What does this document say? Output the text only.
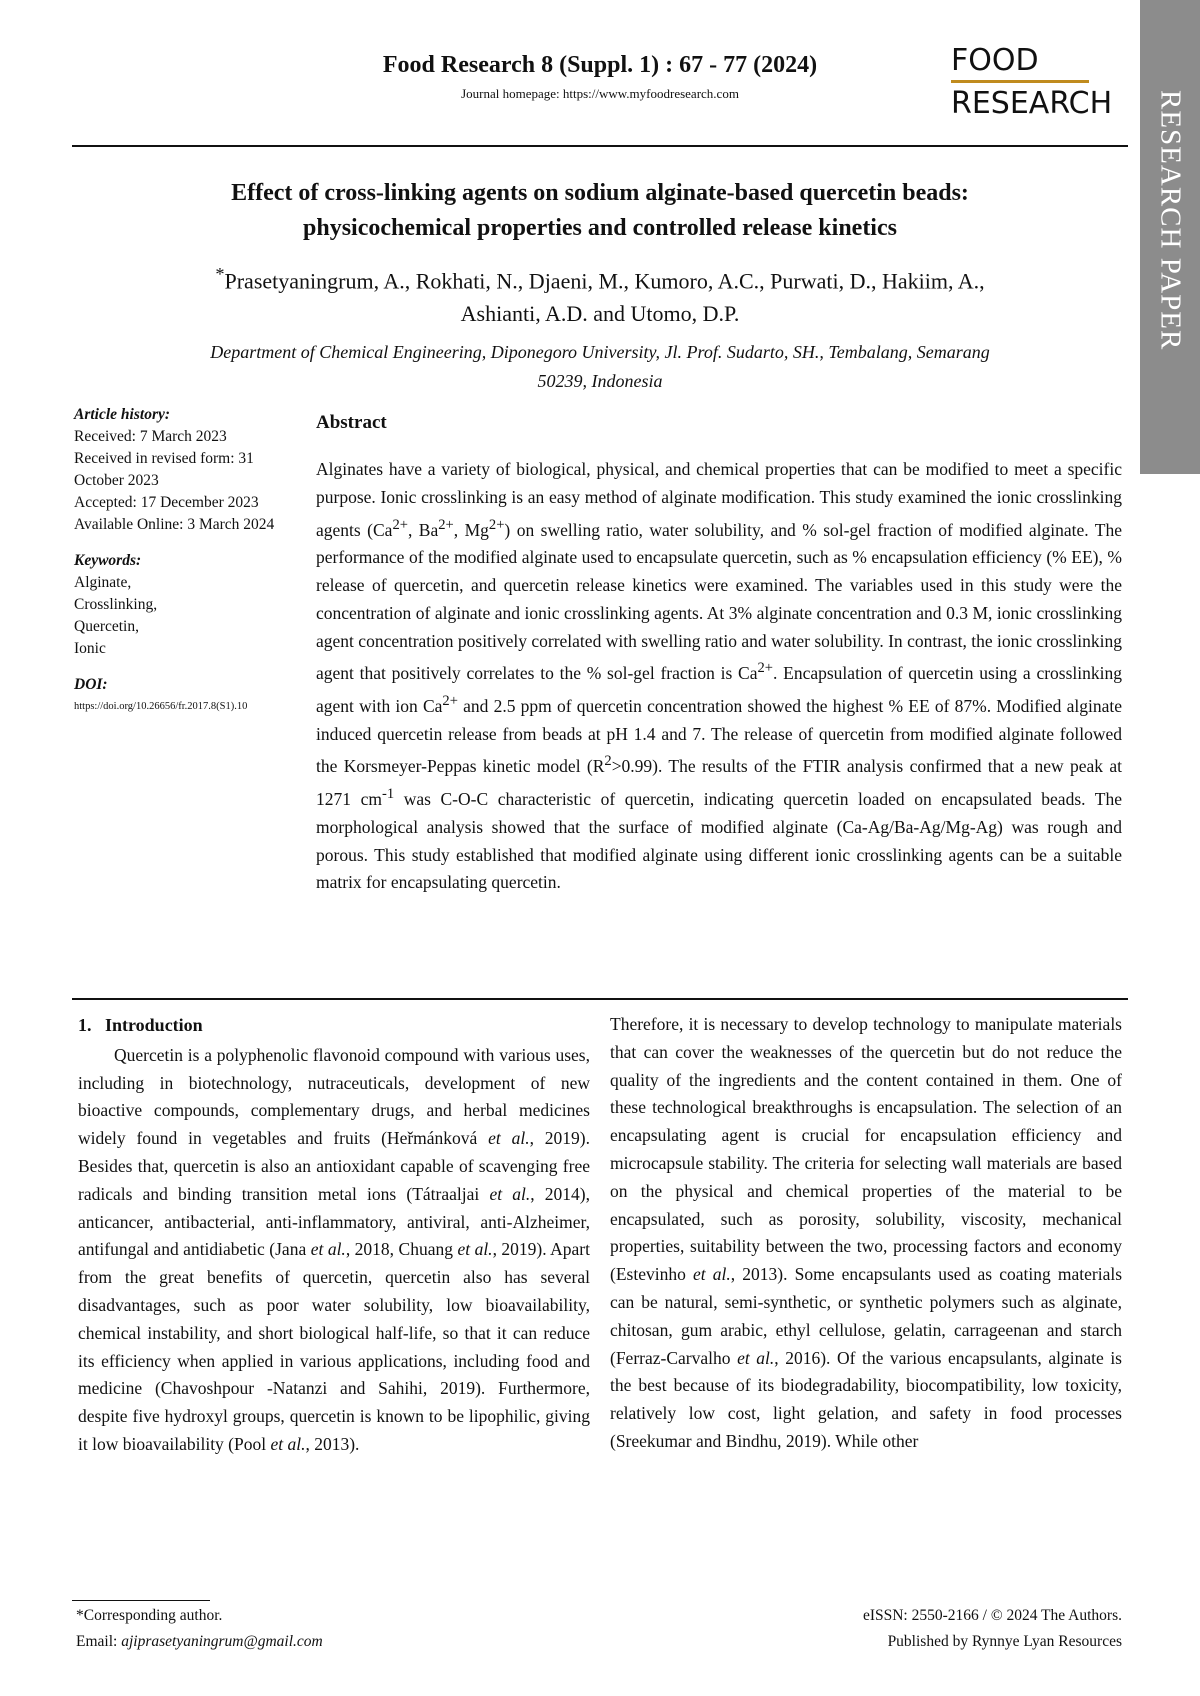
Food Research 8 (Suppl. 1) : 67 - 77 (2024)
Journal homepage: https://www.myfoodresearch.com
FOOD
RESEARCH	RESEARCH PAPER
Effect of cross-linking agents on sodium alginate-based quercetin beads:
physicochemical properties and controlled release kinetics
*Prasetyaningrum, A., Rokhati, N., Djaeni, M., Kumoro, A.C., Purwati, D., Hakiim, A.,
Ashianti, A.D. and Utomo, D.P.
Department of Chemical Engineering, Diponegoro University, Jl. Prof. Sudarto, SH., Tembalang, Semarang
50239, Indonesia
Article history:
Received: 7 March 2023
Received in revised form: 31 October 2023
Accepted: 17 December 2023
Available Online: 3 March 2024
Keywords:
Alginate,
Crosslinking,
Quercetin,
Ionic
DOI:
https://doi.org/10.26656/fr.2017.8(S1).10
Abstract
Alginates have a variety of biological, physical, and chemical properties that can be modified to meet a specific purpose. Ionic crosslinking is an easy method of alginate modification. This study examined the ionic crosslinking agents ($Ca^{2+}$, $Ba^{2+}$, $Mg^{2+}$) on swelling ratio, water solubility, and % sol-gel fraction of modified alginate. The performance of the modified alginate used to encapsulate quercetin, such as % encapsulation efficiency (% EE), % release of quercetin, and quercetin release kinetics were examined. The variables used in this study were the concentration of alginate and ionic crosslinking agents. At 3% alginate concentration and 0.3 M, ionic crosslinking agent concentration positively correlated with swelling ratio and water solubility. In contrast, the ionic crosslinking agent that positively correlates to the % sol-gel fraction is $Ca^{2+}$. Encapsulation of quercetin using a crosslinking agent with ion $Ca^{2+}$ and 2.5 ppm of quercetin concentration showed the highest % EE of 87%. Modified alginate induced quercetin release from beads at pH 1.4 and 7. The release of quercetin from modified alginate followed the Korsmeyer-Peppas kinetic model $(R^2>0.99)$. The results of the FTIR analysis confirmed that a new peak at 1271 $cm^{-1}$ was C-O-C characteristic of quercetin, indicating quercetin loaded on encapsulated beads. The morphological analysis showed that the surface of modified alginate (Ca-Ag/Ba-Ag/Mg-Ag) was rough and porous. This study established that modified alginate using different ionic crosslinking agents can be a suitable matrix for encapsulating quercetin.
1.   Introduction

Quercetin is a polyphenolic flavonoid compound with various uses, including in biotechnology, nutraceuticals, development of new bioactive compounds, complementary drugs, and herbal medicines widely found in vegetables and fruits (Heřmánková et al., 2019). Besides that, quercetin is also an antioxidant capable of scavenging free radicals and binding transition metal ions (Tátraaljai et al., 2014), anticancer, antibacterial, anti-inflammatory, antiviral, anti-Alzheimer, antifungal and antidiabetic (Jana et al., 2018, Chuang et al., 2019). Apart from the great benefits of quercetin, quercetin also has several disadvantages, such as poor water solubility, low bioavailability, chemical instability, and short biological half-life, so that it can reduce its efficiency when applied in various applications, including food and medicine (Chavoshpour -Natanzi and Sahihi, 2019). Furthermore, despite five hydroxyl groups, quercetin is known to be lipophilic, giving it low bioavailability (Pool et al., 2013).

Therefore, it is necessary to develop technology to manipulate materials that can cover the weaknesses of the quercetin but do not reduce the quality of the ingredients and the content contained in them. One of these technological breakthroughs is encapsulation. The selection of an encapsulating agent is crucial for encapsulation efficiency and microcapsule stability. The criteria for selecting wall materials are based on the physical and chemical properties of the material to be encapsulated, such as porosity, solubility, viscosity, mechanical properties, suitability between the two, processing factors and economy (Estevinho et al., 2013). Some encapsulants used as coating materials can be natural, semi-synthetic, or synthetic polymers such as alginate, chitosan, gum arabic, ethyl cellulose, gelatin, carrageenan and starch (Ferraz-Carvalho et al., 2016). Of the various encapsulants, alginate is the best because of its biodegradability, biocompatibility, low toxicity, relatively low cost, light gelation, and safety in food processes (Sreekumar and Bindhu, 2019). While other

*Corresponding author.
Email: ajiprasetyaningrum@gmail.com
eISSN: 2550-2166 / © 2024 The Authors.
Published by Rynnye Lyan Resources
